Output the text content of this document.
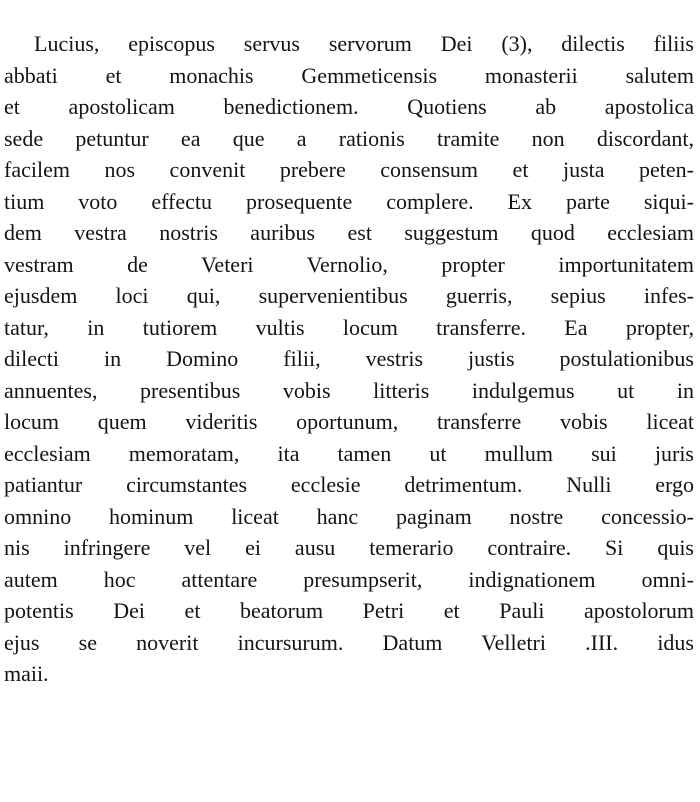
Lucius, episcopus servus servorum Dei (3), dilectis filiis
abbati et monachis Gemmeticensis monasterii salutem
et apostolicam benedictionem. Quotiens ab apostolica
sede petuntur ea que a rationis tramite non discordant,
facilem nos convenit prebere consensum et justa peten-
tium voto effectu prosequente complere. Ex parte siqui-
dem vestra nostris auribus est suggestum quod ecclesiam
vestram de Veteri Vernolio, propter importunitatem
ejusdem loci qui, supervenientibus guerris, sepius infes-
tatur, in tutiorem vultis locum transferre. Ea propter,
dilecti in Domino filii, vestris justis postulationibus
annuentes, presentibus vobis litteris indulgemus ut in
locum quem videritis oportunum, transferre vobis liceat
ecclesiam memoratam, ita tamen ut mullum sui juris
patiantur circumstantes ecclesie detrimentum. Nulli ergo
omnino hominum liceat hanc paginam nostre concessio-
nis infringere vel ei ausu temerario contraire. Si quis
autem hoc attentare presumpserit, indignationem omni-
potentis Dei et beatorum Petri et Pauli apostolorum
ejus se noverit incursurum. Datum Velletri .III. idus
maii.
